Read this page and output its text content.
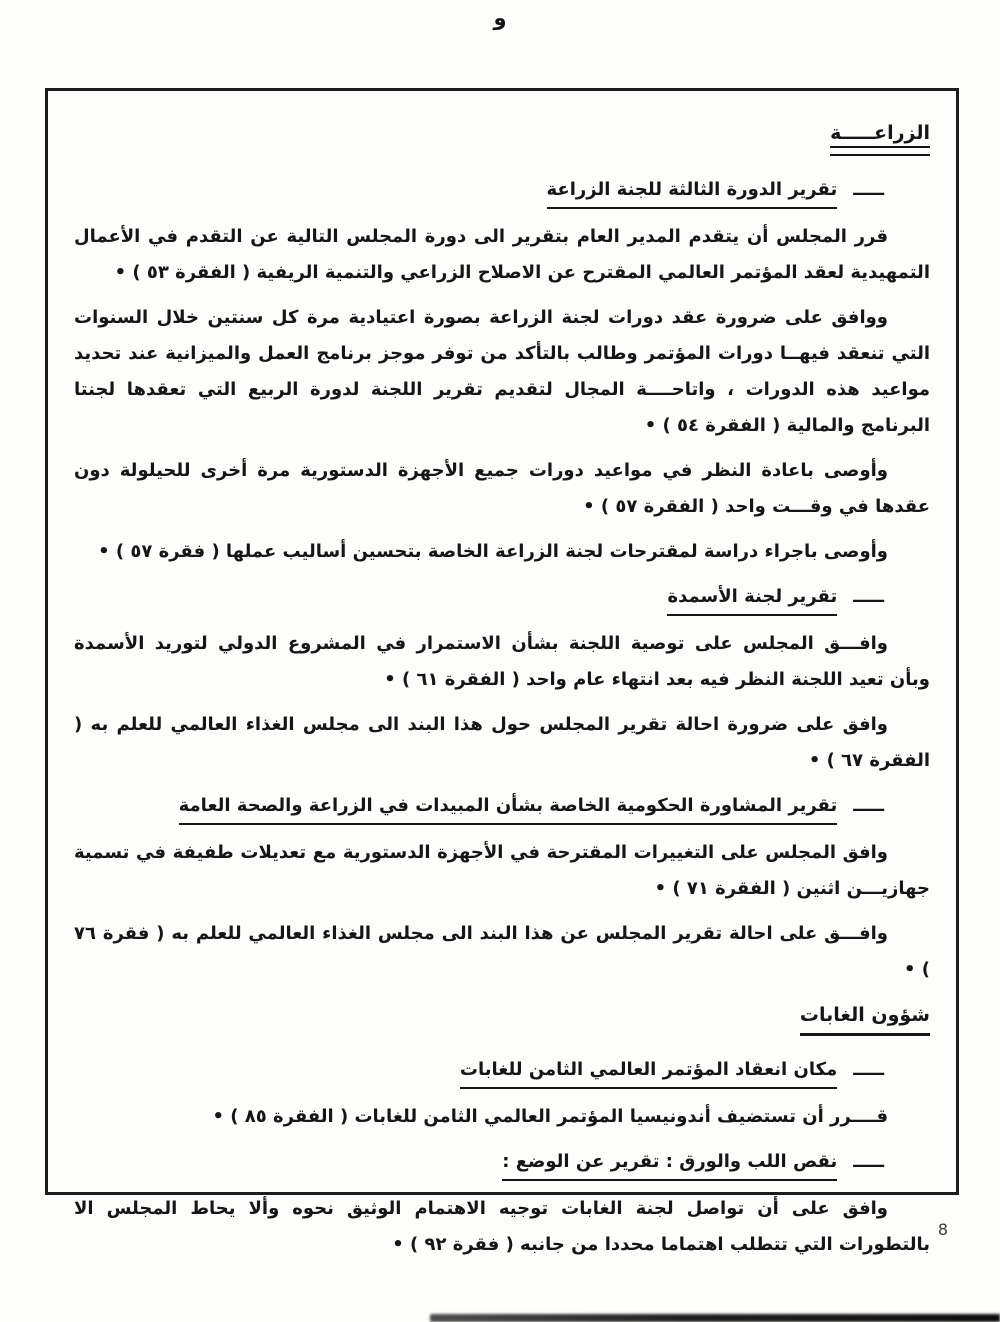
و
الزراعـــــة
ـــــتقرير الدورة الثالثة للجنة الزراعة

قرر المجلس أن يتقدم المدير العام بتقرير الى دورة المجلس التالية عن التقدم في الأعمال التمهيدية لعقد المؤتمر العالمي المقترح عن الاصلاح الزراعي والتنمية الريفية ( الفقرة ٥٣ ) •

ووافق على ضرورة عقد دورات لجنة الزراعة بصورة اعتيادية مرة كل سنتين خلال السنوات التي تنعقد فيهــا دورات المؤتمر وطالب بالتأكد من توفر موجز برنامج العمل والميزانية عند تحديد مواعيد هذه الدورات ، واتاحــــة المجال لتقديم تقرير اللجنة لدورة الربيع التي تعقدها لجنتا البرنامج والمالية ( الفقرة ٥٤ ) •

وأوصى باعادة النظر في مواعيد دورات جميع الأجهزة الدستورية مرة أخرى للحيلولة دون عقدها في وقـــت واحد ( الفقرة ٥٧ ) •

وأوصى باجراء دراسة لمقترحات لجنة الزراعة الخاصة بتحسين أساليب عملها ( فقرة ٥٧ ) •

ـــــتقرير لجنة الأسمدة

وافـــق المجلس على توصية اللجنة بشأن الاستمرار في المشروع الدولي لتوريد الأسمدة وبأن تعيد اللجنة النظر فيه بعد انتهاء عام واحد ( الفقرة ٦١ ) •

وافق على ضرورة احالة تقرير المجلس حول هذا البند الى مجلس الغذاء العالمي للعلم به ( الفقرة ٦٧ ) •

ـــــتقرير المشاورة الحكومية الخاصة بشأن المبيدات في الزراعة والصحة العامة

وافق المجلس على التغييرات المقترحة في الأجهزة الدستورية مع تعديلات طفيفة في تسمية جهازيـــن اثنين ( الفقرة ٧١ ) •

وافـــق على احالة تقرير المجلس عن هذا البند الى مجلس الغذاء العالمي للعلم به ( فقرة ٧٦ ) •

شؤون الغابات
ـــــمكان انعقاد المؤتمر العالمي الثامن للغابات

قــــرر أن تستضيف أندونيسيا المؤتمر العالمي الثامن للغابات ( الفقرة ٨٥ ) •

ـــــنقص اللب والورق : تقرير عن الوضع :

وافق على أن تواصل لجنة الغابات توجيه الاهتمام الوثيق نحوه وألا يحاط المجلس الا بالتطورات التي تتطلب اهتماما محددا من جانبه ( فقرة ٩٢ ) •

8
